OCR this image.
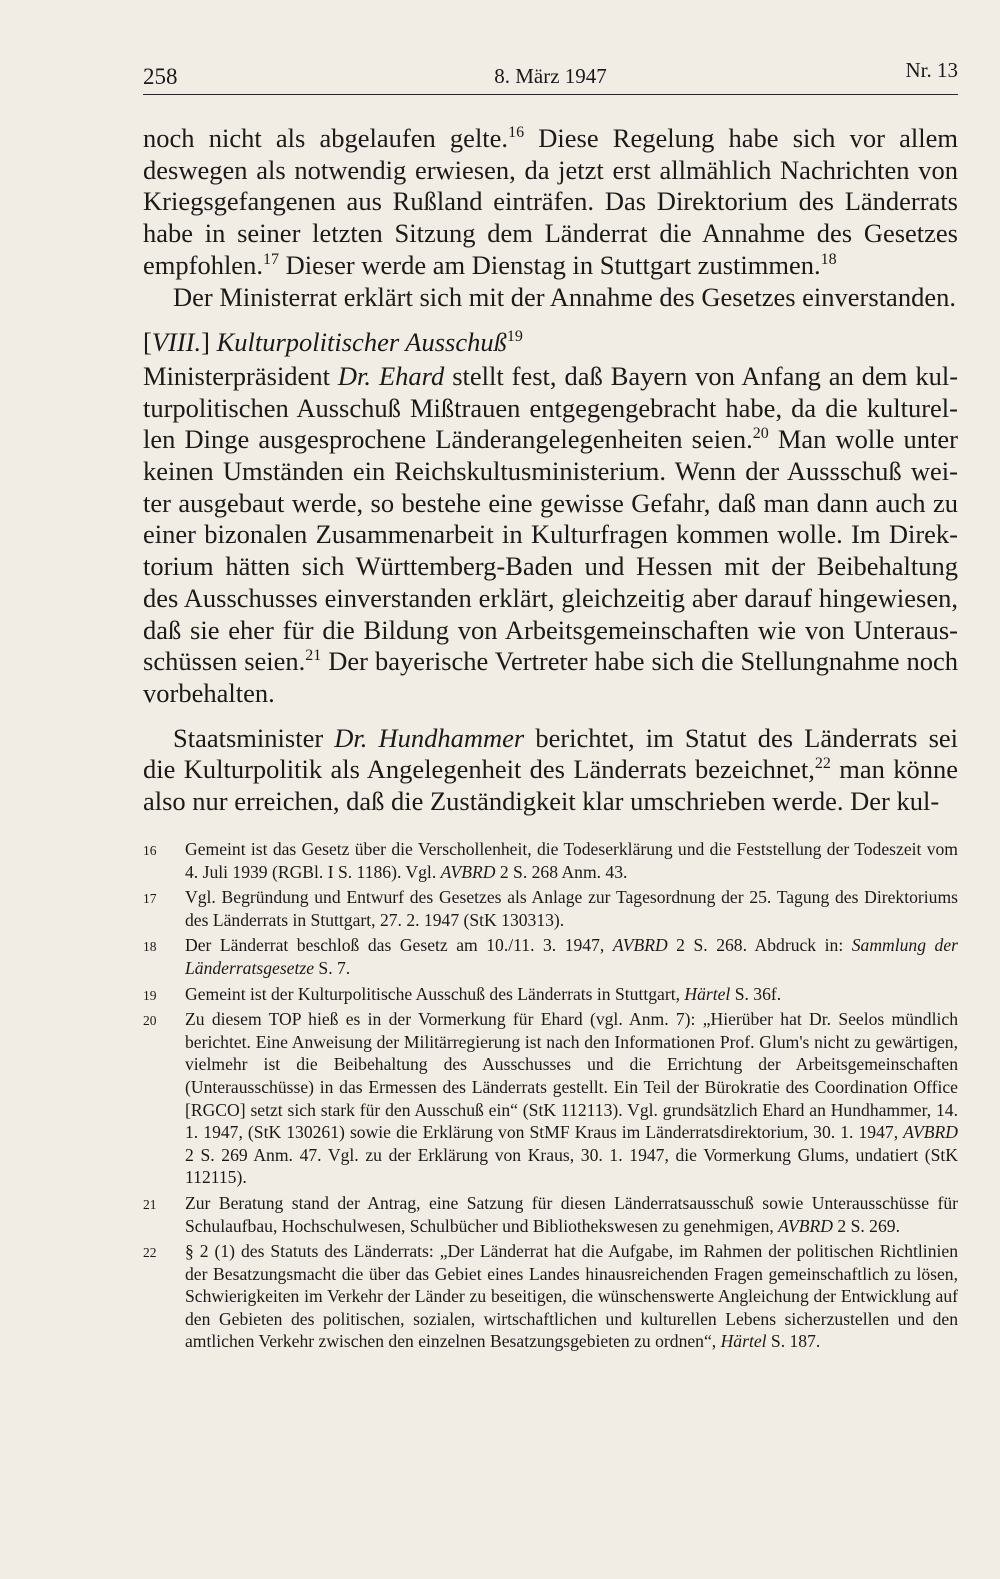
258	8. März 1947	Nr. 13

noch nicht als abgelaufen gelte.$^{16}$ Diese Regelung habe sich vor allem deswegen als notwendig erwiesen, da jetzt erst allmählich Nachrichten von Kriegsgefangenen aus Rußland einträfen. Das Direktorium des Länderrats habe in seiner letzten Sitzung dem Länderrat die Annahme des Gesetzes empfohlen.$^{17}$ Dieser werde am Dienstag in Stuttgart zustimmen.$^{18}$

Der Ministerrat erklärt sich mit der Annahme des Gesetzes einverstanden.

[VIII.] Kulturpolitischer Ausschuß$^{19}$

Ministerpräsident Dr. Ehard stellt fest, daß Bayern von Anfang an dem kulturpolitischen Ausschuß Mißtrauen entgegengebracht habe, da die kulturellen Dinge ausgesprochene Länderangelegenheiten seien.$^{20}$ Man wolle unter keinen Umständen ein Reichskultusministerium. Wenn der Aussschuß weiter ausgebaut werde, so bestehe eine gewisse Gefahr, daß man dann auch zu einer bizonalen Zusammenarbeit in Kulturfragen kommen wolle. Im Direktorium hätten sich Württemberg-Baden und Hessen mit der Beibehaltung des Ausschusses einverstanden erklärt, gleichzeitig aber darauf hingewiesen, daß sie eher für die Bildung von Arbeitsgemeinschaften wie von Unterausschüssen seien.$^{21}$ Der bayerische Vertreter habe sich die Stellungnahme noch vorbehalten.

Staatsminister Dr. Hundhammer berichtet, im Statut des Länderrats sei die Kulturpolitik als Angelegenheit des Länderrats bezeichnet,$^{22}$ man könne also nur erreichen, daß die Zuständigkeit klar umschrieben werde. Der kul-

16 Gemeint ist das Gesetz über die Verschollenheit, die Todeserklärung und die Feststellung der Todeszeit vom 4. Juli 1939 (RGBl. I S. 1186). Vgl. AVBRD 2 S. 268 Anm. 43.
17 Vgl. Begründung und Entwurf des Gesetzes als Anlage zur Tagesordnung der 25. Tagung des Direktoriums des Länderrats in Stuttgart, 27. 2. 1947 (StK 130313).
18 Der Länderrat beschloß das Gesetz am 10./11. 3. 1947, AVBRD 2 S. 268. Abdruck in: Sammlung der Länderratsgesetze S. 7.
19 Gemeint ist der Kulturpolitische Ausschuß des Länderrats in Stuttgart, Härtel S. 36f.
20 Zu diesem TOP hieß es in der Vormerkung für Ehard (vgl. Anm. 7): „Hierüber hat Dr. Seelos mündlich berichtet. Eine Anweisung der Militärregierung ist nach den Informationen Prof. Glum's nicht zu gewärtigen, vielmehr ist die Beibehaltung des Ausschusses und die Errichtung der Arbeitsgemeinschaften (Unterausschüsse) in das Ermessen des Länderrats gestellt. Ein Teil der Bürokratie des Coordination Office [RGCO] setzt sich stark für den Ausschuß ein“ (StK 112113). Vgl. grundsätzlich Ehard an Hundhammer, 14. 1. 1947, (StK 130261) sowie die Erklärung von StMF Kraus im Länderratsdirektorium, 30. 1. 1947, AVBRD 2 S. 269 Anm. 47. Vgl. zu der Erklärung von Kraus, 30. 1. 1947, die Vormerkung Glums, undatiert (StK 112115).
21 Zur Beratung stand der Antrag, eine Satzung für diesen Länderratsausschuß sowie Unterausschüsse für Schulaufbau, Hochschulwesen, Schulbücher und Bibliothekswesen zu genehmigen, AVBRD 2 S. 269.
22 § 2 (1) des Statuts des Länderrats: „Der Länderrat hat die Aufgabe, im Rahmen der politischen Richtlinien der Besatzungsmacht die über das Gebiet eines Landes hinausreichenden Fragen gemeinschaftlich zu lösen, Schwierigkeiten im Verkehr der Länder zu beseitigen, die wünschenswerte Angleichung der Entwicklung auf den Gebieten des politischen, sozialen, wirtschaftlichen und kulturellen Lebens sicherzustellen und den amtlichen Verkehr zwischen den einzelnen Besatzungsgebieten zu ordnen“, Härtel S. 187.
